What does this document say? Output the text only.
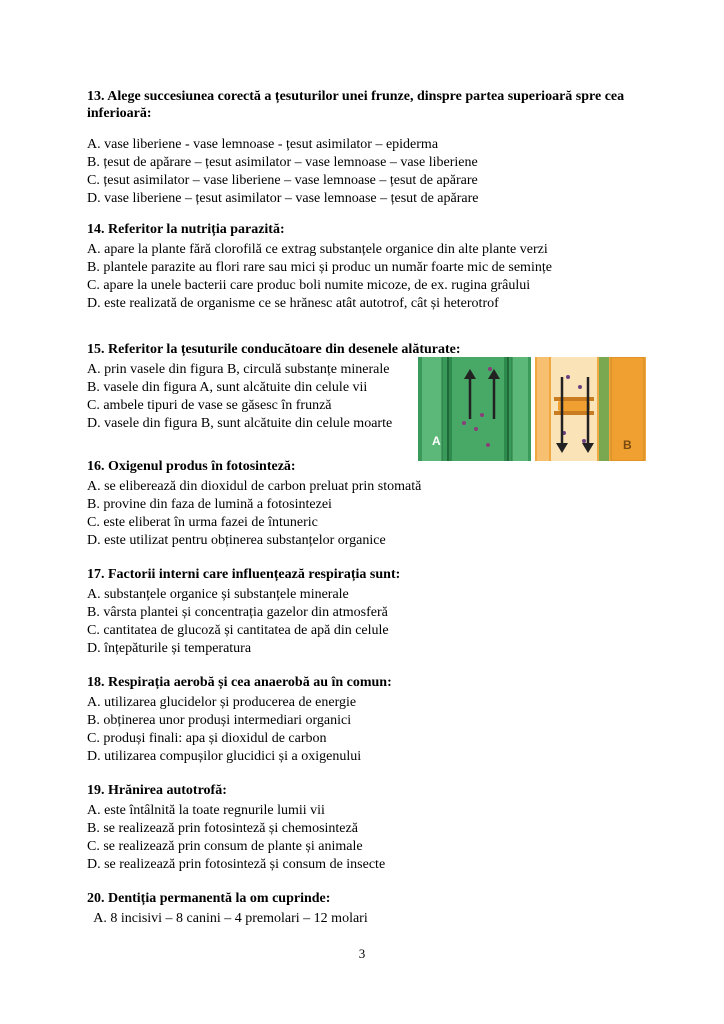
13. Alege succesiunea corectă a țesuturilor unei frunze, dinspre partea superioară spre cea inferioară:

A. vase liberiene - vase lemnoase - țesut asimilator – epiderma

B. țesut de apărare – țesut asimilator – vase lemnoase – vase liberiene

C. țesut asimilator – vase liberiene – vase lemnoase – țesut de apărare

D. vase liberiene – țesut asimilator – vase lemnoase – țesut de apărare

14. Referitor la nutriția parazită:

A. apare la plante fără clorofilă ce extrag substanțele organice din alte plante verzi

B. plantele parazite au flori rare sau mici și produc un număr foarte mic de semințe

C. apare la unele bacterii care produc boli numite micoze, de ex. rugina grâului

D. este realizată de organisme ce se hrănesc atât autotrof, cât și heterotrof

15. Referitor la țesuturile conducătoare din desenele alăturate:

A. prin vasele din figura B, circulă substanțe minerale

B. vasele din figura A, sunt alcătuite din celule vii

C. ambele tipuri de vase se găsesc în frunză

D. vasele din figura B, sunt alcătuite din celule moarte

A	B

16. Oxigenul produs în fotosinteză:

A. se eliberează din dioxidul de carbon preluat prin stomată

B. provine din faza de lumină a fotosintezei

C. este eliberat în urma fazei de întuneric

D. este utilizat pentru obținerea substanțelor organice

17. Factorii interni care influențează respirația sunt:

A. substanțele organice și substanțele minerale

B. vârsta plantei și concentrația gazelor din atmosferă

C. cantitatea de glucoză și cantitatea de apă din celule

D. înțepăturile și temperatura

18. Respirația aerobă și cea anaerobă au în comun:

A. utilizarea glucidelor și producerea de energie

B. obținerea unor produși intermediari organici

C. produși finali: apa și dioxidul de carbon

D. utilizarea compușilor glucidici și a oxigenului

19. Hrănirea autotrofă:

A. este întâlnită la toate regnurile lumii vii

B. se realizează prin fotosinteză și chemosinteză

C. se realizează prin consum de plante și animale

D. se realizează prin fotosinteză și consum de insecte

20. Dentiția permanentă la om cuprinde:

A. 8 incisivi – 8 canini – 4 premolari – 12 molari

3
